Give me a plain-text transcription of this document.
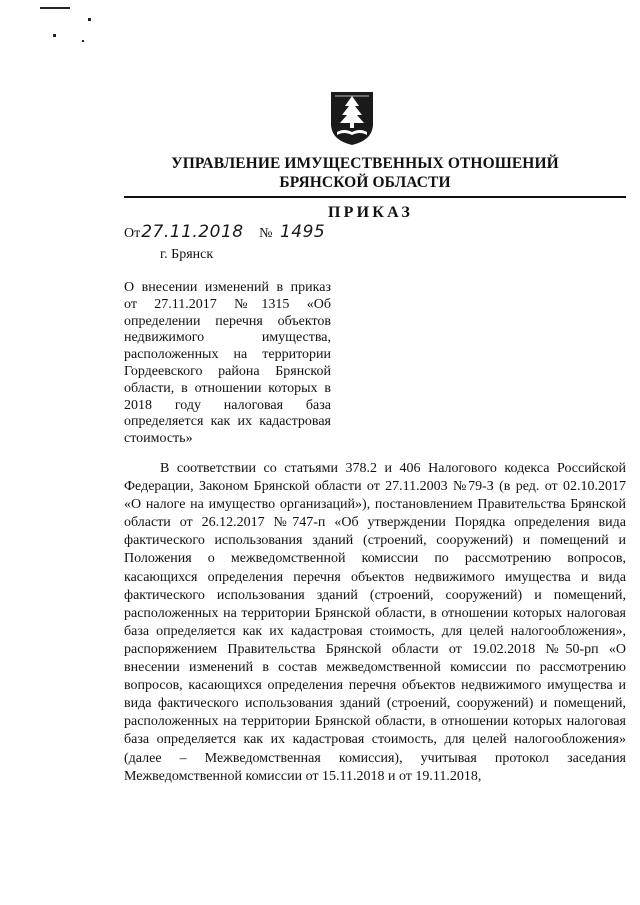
УПРАВЛЕНИЕ ИМУЩЕСТВЕННЫХ ОТНОШЕНИЙ
БРЯНСКОЙ ОБЛАСТИ
ПРИКАЗ
От27.11.2018 № 1495
г. Брянск
О внесении изменений в приказ от 27.11.2017 №1315 «Об определении перечня объектов недвижимого имущества, расположенных на территории Гордеевского района Брянской области, в отношении которых в 2018 году налоговая база определяется как их кадастровая стоимость»
В соответствии со статьями 378.2 и 406 Налогового кодекса Российской Федерации, Законом Брянской области от 27.11.2003 №79-З (в ред. от 02.10.2017 «О налоге на имущество организаций»), постановлением Правительства Брянской области от 26.12.2017 №747-п «Об утверждении Порядка определения вида фактического использования зданий (строений, сооружений) и помещений и Положения о межведомственной комиссии по рассмотрению вопросов, касающихся определения перечня объектов недвижимого имущества и вида фактического использования зданий (строений, сооружений) и помещений, расположенных на территории Брянской области, в отношении которых налоговая база определяется как их кадастровая стоимость, для целей налогообложения», распоряжением Правительства Брянской области от 19.02.2018 №50-рп «О внесении изменений в состав межведомственной комиссии по рассмотрению вопросов, касающихся определения перечня объектов недвижимого имущества и вида фактического использования зданий (строений, сооружений) и помещений, расположенных на территории Брянской области, в отношении которых налоговая база определяется как их кадастровая стоимость, для целей налогообложения» (далее – Межведомственная комиссия), учитывая протокол заседания Межведомственной комиссии от 15.11.2018 и от 19.11.2018,
